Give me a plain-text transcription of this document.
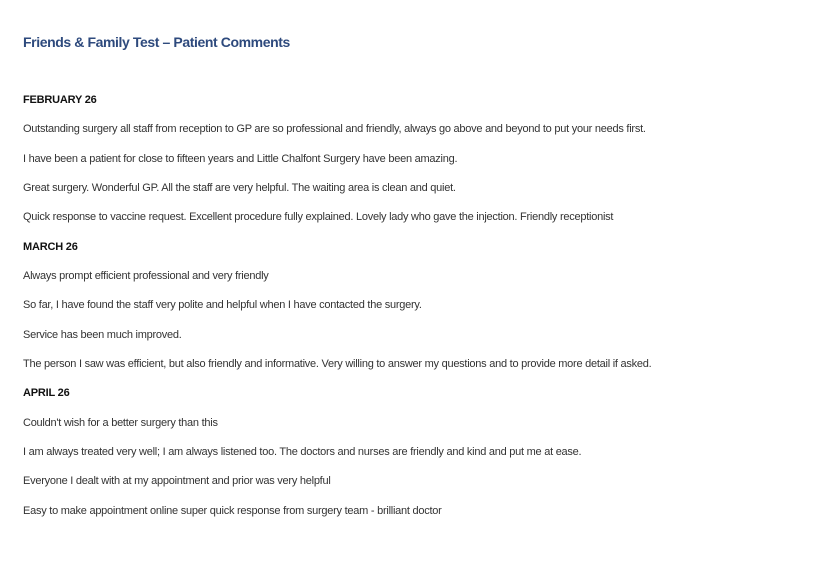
Friends & Family Test – Patient Comments
FEBRUARY 26
Outstanding surgery all staff from reception to GP are so professional and friendly, always go above and beyond to put your needs first.
I have been a patient for close to fifteen years and Little Chalfont Surgery have been amazing.
Great surgery. Wonderful GP. All the staff are very helpful. The waiting area is clean and quiet.
Quick response to vaccine request. Excellent procedure fully explained. Lovely lady who gave the injection. Friendly receptionist
MARCH 26
Always prompt efficient professional and very friendly
So far, I have found the staff very polite and helpful when I have contacted the surgery.
Service has been much improved.
The person I saw was efficient, but also friendly and informative. Very willing to answer my questions and to provide more detail if asked.
APRIL 26
Couldn't wish for a better surgery than this
I am always treated very well; I am always listened too. The doctors and nurses are friendly and kind and put me at ease.
Everyone I dealt with at my appointment and prior was very helpful
Easy to make appointment online super quick response from surgery team - brilliant doctor
